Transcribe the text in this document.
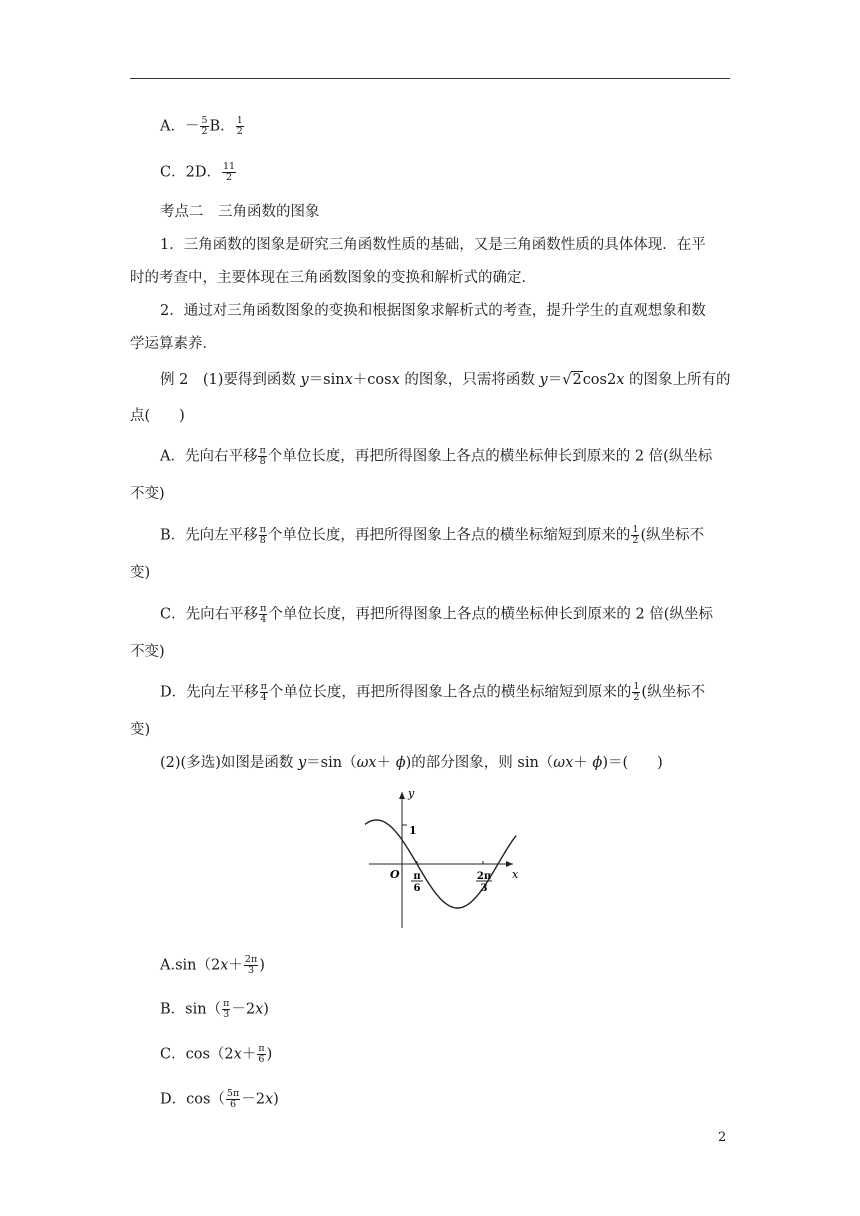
A．－ $\frac{5}{2}$ B． $\frac{1}{2}$
C．2D． $\frac{11}{2}$
考点二　三角函数的图象
1．三角函数的图象是研究三角函数性质的基础，又是三角函数性质的具体体现．在平
时的考查中，主要体现在三角函数图象的变换和解析式的确定．
2．通过对三角函数图象的变换和根据图象求解析式的考查，提升学生的直观想象和数
学运算素养．
例 2　(1)要得到函数 y＝sinx＋cosx 的图象，只需将函数 y＝√2cos2x 的图象上所有的
点(　　)
A．先向右平移 $\frac{\pi}{8}$ 个单位长度，再把所得图象上各点的横坐标伸长到原来的 2 倍(纵坐标
不变)
B．先向左平移 $\frac{\pi}{8}$ 个单位长度，再把所得图象上各点的横坐标缩短到原来的 $\frac{1}{2}$ (纵坐标不
变)
C．先向右平移 $\frac{\pi}{4}$ 个单位长度，再把所得图象上各点的横坐标伸长到原来的 2 倍(纵坐标
不变)
D．先向左平移 $\frac{\pi}{4}$ 个单位长度，再把所得图象上各点的横坐标缩短到原来的 $\frac{1}{2}$ (纵坐标不
变)
(2)(多选)如图是函数 y＝sin（ωx＋ ϕ)的部分图象，则 sin（ωx＋ ϕ)＝(　　)
y
x
O
1
π
6
2π
3
$A.\sin(2x+ \frac{2\pi}{3}$ )
B．$\sin( \frac{\pi}{3} -2x)$
C．$\cos(2x+ \frac{\pi}{6}$ )
D．$\cos( \frac{5\pi}{6} -2x)$
2
